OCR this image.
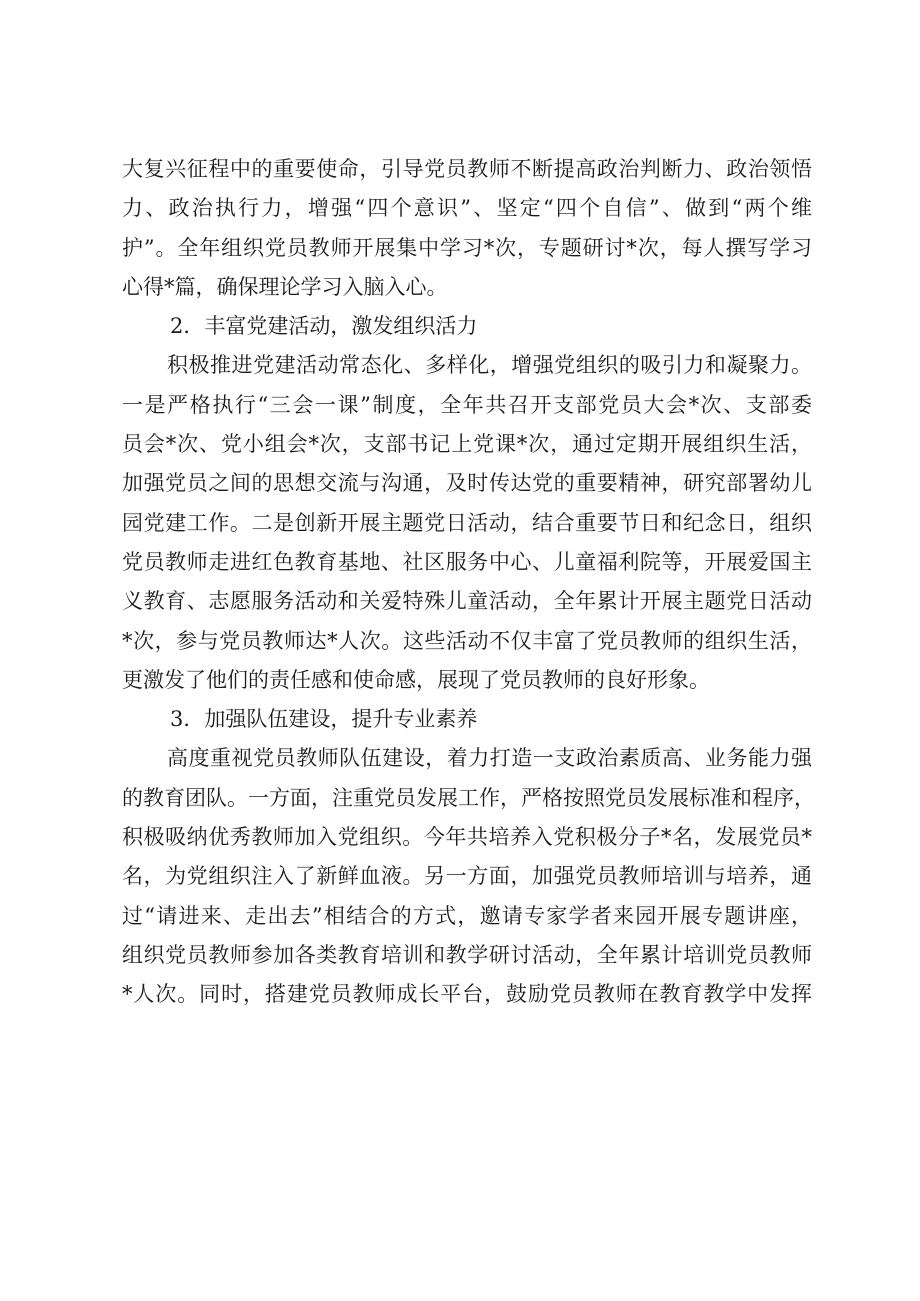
大复兴征程中的重要使命，引导党员教师不断提高政治判断力、政治领悟
力、政治执行力，增强“四个意识”、坚定“四个自信”、做到“两个维
护”。全年组织党员教师开展集中学习*次，专题研讨*次，每人撰写学习
心得*篇，确保理论学习入脑入心。
2．丰富党建活动，激发组织活力
积极推进党建活动常态化、多样化，增强党组织的吸引力和凝聚力。
一是严格执行“三会一课”制度，全年共召开支部党员大会*次、支部委
员会*次、党小组会*次，支部书记上党课*次，通过定期开展组织生活，
加强党员之间的思想交流与沟通，及时传达党的重要精神，研究部署幼儿
园党建工作。二是创新开展主题党日活动，结合重要节日和纪念日，组织
党员教师走进红色教育基地、社区服务中心、儿童福利院等，开展爱国主
义教育、志愿服务活动和关爱特殊儿童活动，全年累计开展主题党日活动
*次，参与党员教师达*人次。这些活动不仅丰富了党员教师的组织生活，
更激发了他们的责任感和使命感，展现了党员教师的良好形象。
3．加强队伍建设，提升专业素养
高度重视党员教师队伍建设，着力打造一支政治素质高、业务能力强
的教育团队。一方面，注重党员发展工作，严格按照党员发展标准和程序，
积极吸纳优秀教师加入党组织。今年共培养入党积极分子*名，发展党员*
名，为党组织注入了新鲜血液。另一方面，加强党员教师培训与培养，通
过“请进来、走出去”相结合的方式，邀请专家学者来园开展专题讲座，
组织党员教师参加各类教育培训和教学研讨活动，全年累计培训党员教师
*人次。同时，搭建党员教师成长平台，鼓励党员教师在教育教学中发挥
